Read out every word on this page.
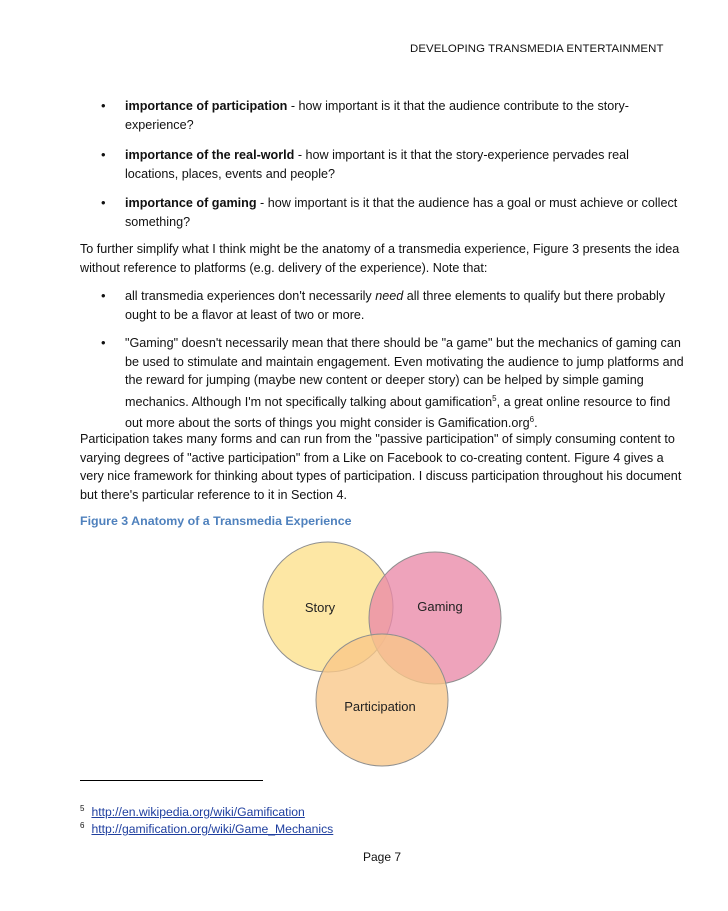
DEVELOPING TRANSMEDIA ENTERTAINMENT
• importance of participation - how important is it that the audience contribute to the story-experience?
• importance of the real-world - how important is it that the story-experience pervades real locations, places, events and people?
• importance of gaming - how important is it that the audience has a goal or must achieve or collect something?

To further simplify what I think might be the anatomy of a transmedia experience, Figure 3 presents the idea without reference to platforms (e.g. delivery of the experience). Note that:

• all transmedia experiences don't necessarily need all three elements to qualify but there probably ought to be a flavor at least of two or more.
• "Gaming" doesn't necessarily mean that there should be "a game" but the mechanics of gaming can be used to stimulate and maintain engagement. Even motivating the audience to jump platforms and the reward for jumping (maybe new content or deeper story) can be helped by simple gaming mechanics. Although I'm not specifically talking about gamification$^5$, a great online resource to find out more about the sorts of things you might consider is Gamification.org$^6$.

Participation takes many forms and can run from the "passive participation" of simply consuming content to varying degrees of "active participation" from a Like on Facebook to co-creating content. Figure 4 gives a very nice framework for thinking about types of participation. I discuss participation throughout his document but there's particular reference to it in Section 4.

Figure 3 Anatomy of a Transmedia Experience
Story	Gaming
Participation
$^5$ http://en.wikipedia.org/wiki/Gamification
$^6$ http://gamification.org/wiki/Game_Mechanics
Page 7
